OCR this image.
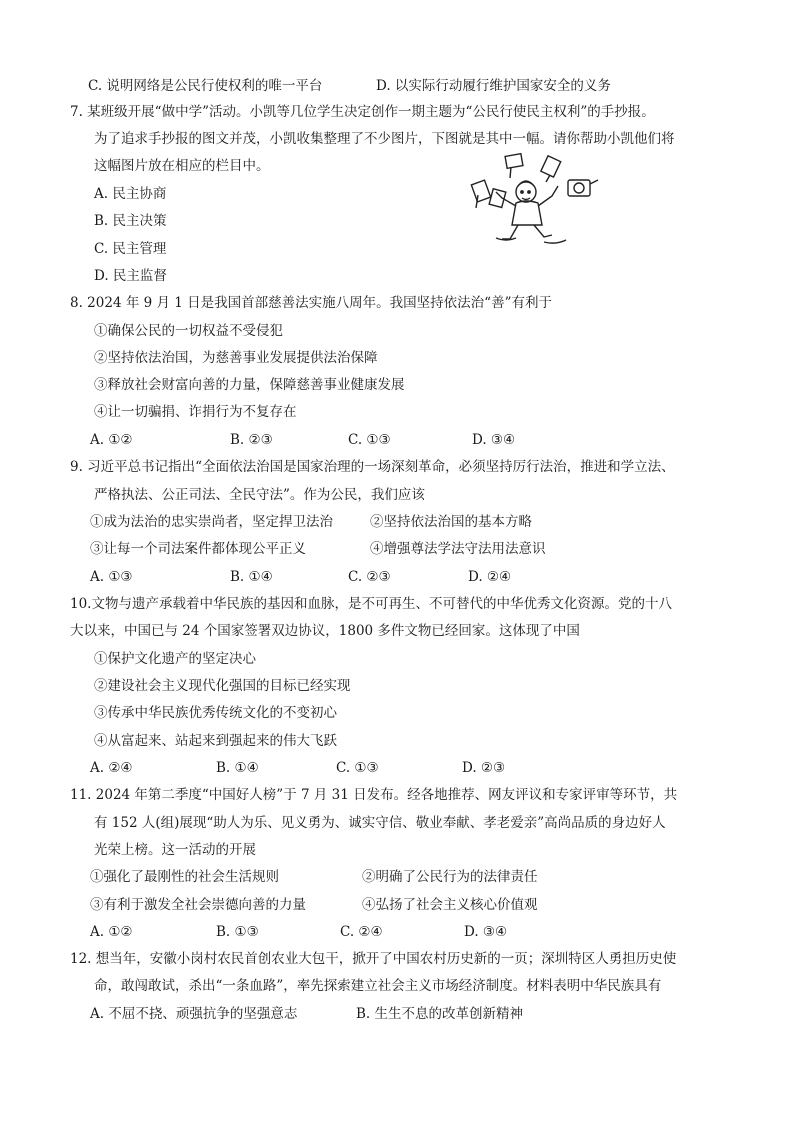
C. 说明网络是公民行使权利的唯一平台	D. 以实际行动履行维护国家安全的义务
7. 某班级开展“做中学”活动。小凯等几位学生决定创作一期主题为“公民行使民主权利”的手抄报。
为了追求手抄报的图文并茂，小凯收集整理了不少图片，下图就是其中一幅。请你帮助小凯他们将
这幅图片放在相应的栏目中。
A. 民主协商
B. 民主决策
C. 民主管理
D. 民主监督
8. 2024 年 9 月 1 日是我国首部慈善法实施八周年。我国坚持依法治“善”有利于
①确保公民的一切权益不受侵犯
②坚持依法治国，为慈善事业发展提供法治保障
③释放社会财富向善的力量，保障慈善事业健康发展
④让一切骗捐、诈捐行为不复存在
A. ①②	B. ②③	C. ①③	D. ③④
9. 习近平总书记指出“全面依法治国是国家治理的一场深刻革命，必须坚持厉行法治，推进和学立法、
严格执法、公正司法、全民守法”。作为公民，我们应该
①成为法治的忠实崇尚者，坚定捍卫法治	②坚持依法治国的基本方略
③让每一个司法案件都体现公平正义	④增强尊法学法守法用法意识
A. ①③	B. ①④	C. ②③	D. ②④
10.文物与遗产承载着中华民族的基因和血脉，是不可再生、不可替代的中华优秀文化资源。党的十八
大以来，中国已与 24 个国家签署双边协议，1800 多件文物已经回家。这体现了中国
①保护文化遗产的坚定决心
②建设社会主义现代化强国的目标已经实现
③传承中华民族优秀传统文化的不变初心
④从富起来、站起来到强起来的伟大飞跃
A. ②④	B. ①④	C. ①③	D. ②③
11. 2024 年第二季度“中国好人榜”于 7 月 31 日发布。经各地推荐、网友评议和专家评审等环节，共
有 152 人(组)展现“助人为乐、见义勇为、诚实守信、敬业奉献、孝老爱亲”高尚品质的身边好人
光荣上榜。这一活动的开展
①强化了最刚性的社会生活规则	②明确了公民行为的法律责任
③有利于激发全社会崇德向善的力量	④弘扬了社会主义核心价值观
A. ①②	B. ①③	C. ②④	D. ③④
12. 想当年，安徽小岗村农民首创农业大包干，掀开了中国农村历史新的一页；深圳特区人勇担历史使
命，敢闯敢试，杀出“一条血路”，率先探索建立社会主义市场经济制度。材料表明中华民族具有
A. 不屈不挠、顽强抗争的坚强意志	B. 生生不息的改革创新精神
